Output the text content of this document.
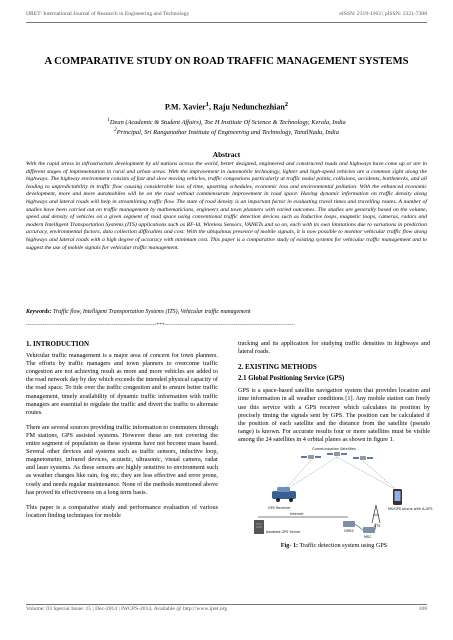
IJRET: International Journal of Research in Engineering and Technology	eISSN: 2319-1163 | pISSN: 2321-7308
A COMPARATIVE STUDY ON ROAD TRAFFIC MANAGEMENT SYSTEMS
P.M. Xavier$^1$, Raju Nedunchezhian$^2$
$^1$Dean (Academic & Student Affairs), Toc H Institute Of Science & Technology, Kerala, India
$^2$Principal, Sri Ranganathar Institute of Engineering and Technology, TamilNadu, India
Abstract
With the rapid stress in infrastructure development by all nations across the world, better designed, engineered and constructed roads and highways have come up or are in different stages of implementation in rural and urban areas. With the improvement in automobile technology, lighter and high-speed vehicles are a common sight along the highways. The highway environment consists of fast and slow moving vehicles, traffic congestions particularly at traffic nodal points, collisions, accidents, bottlenecks, and all leading to unpredictability in traffic flow causing considerable loss of time, upsetting schedules, economic loss and environmental pollution. With the enhanced economic development, more and more automobiles will be on the road without commensurate improvement in road space. Having dynamic information on traffic density along highways and lateral roads will help in streamlining traffic flow. The state of road density is an important factor in evaluating travel times and travelling routes. A number of studies have been carried out on traffic management by mathematicians, engineers and town planners with varied outcomes. The studies are generally based on the volume, speed and density of vehicles on a given segment of road space using conventional traffic detection devices such as Inductive loops, magnetic loops, cameras, radars and modern Intelligent Transportation Systems (ITS) applications such as RF-Id, Wireless Sensors, VANETs and so on, each with its own limitations due to variations in prediction accuracy, environmental factors, data collection difficulties and cost. With the ubiquitous presence of mobile signals, it is now possible to monitor vehicular traffic flow along highways and lateral roads with a high degree of accuracy with minimum cost. This paper is a comparative study of existing systems for vehicular traffic management and to suggest the use of mobile signals for vehicular traffic management.
Keywords: Traffic flow, Intelligent Transportation Systems (ITS), Vehicular traffic management
----------------------------------------------------------------------***----------------------------------------------------------------------
1. INTRODUCTION

Vehicular traffic management is a major area of concern for town planners. The efforts by traffic managers and town planners to overcome traffic congestion are not achieving result as more and more vehicles are added to the road network day by day which exceeds the intended physical capacity of the road space. To tide over the traffic congestion and to ensure better traffic management, timely availability of dynamic traffic information with traffic managers are essential to regulate the traffic and divert the traffic to alternate routes.

There are several sources providing traffic information to commuters through FM stations, GPS assisted systems. However these are not covering the entire segment of population as these systems have not become mass based. Several other devices and systems such as traffic sensors, inductive loop, magnetometer, infrared devices, acoustic, ultrasonic, visual camera, radar and laser systems. As these sensors are highly sensitive to environment such as weather changes like rain, fog etc, they are less effective and error prone, costly and needs regular maintenance. None of the methods mentioned above has proved its effectiveness on a long term basis.

This paper is a comparative study and performance evaluation of various location finding techniques for mobile

tracking and its application for studying traffic densities in highways and lateral roads.

2. EXISTING METHODS
2.1 Global Positioning Service (GPS)

GPS is a space-based satellite navigation system that provides location and time information in all weather conditions [1]. Any mobile station can freely use this service with a GPS receiver which calculates its position by precisely timing the signals sent by GPS. The position can be calculated if the position of each satellite and the distance from the satellite (pseudo range) is known. For accurate results four or more satellites must be visible among the 24 satellites in 4 orbital planes as shown in figure 1.

Communication Satellites
GPS Receiver
Internet
MS/GPS phone with A-GPS
Assisted-GPS Server
BTS
GMSC
MSC
Fig- 1: Traffic detection system using GPS
Volume: 03 Special Issue: 15 | Dec-2014 | IWCPS-2014, Available @ http://www.ijret.org	108
